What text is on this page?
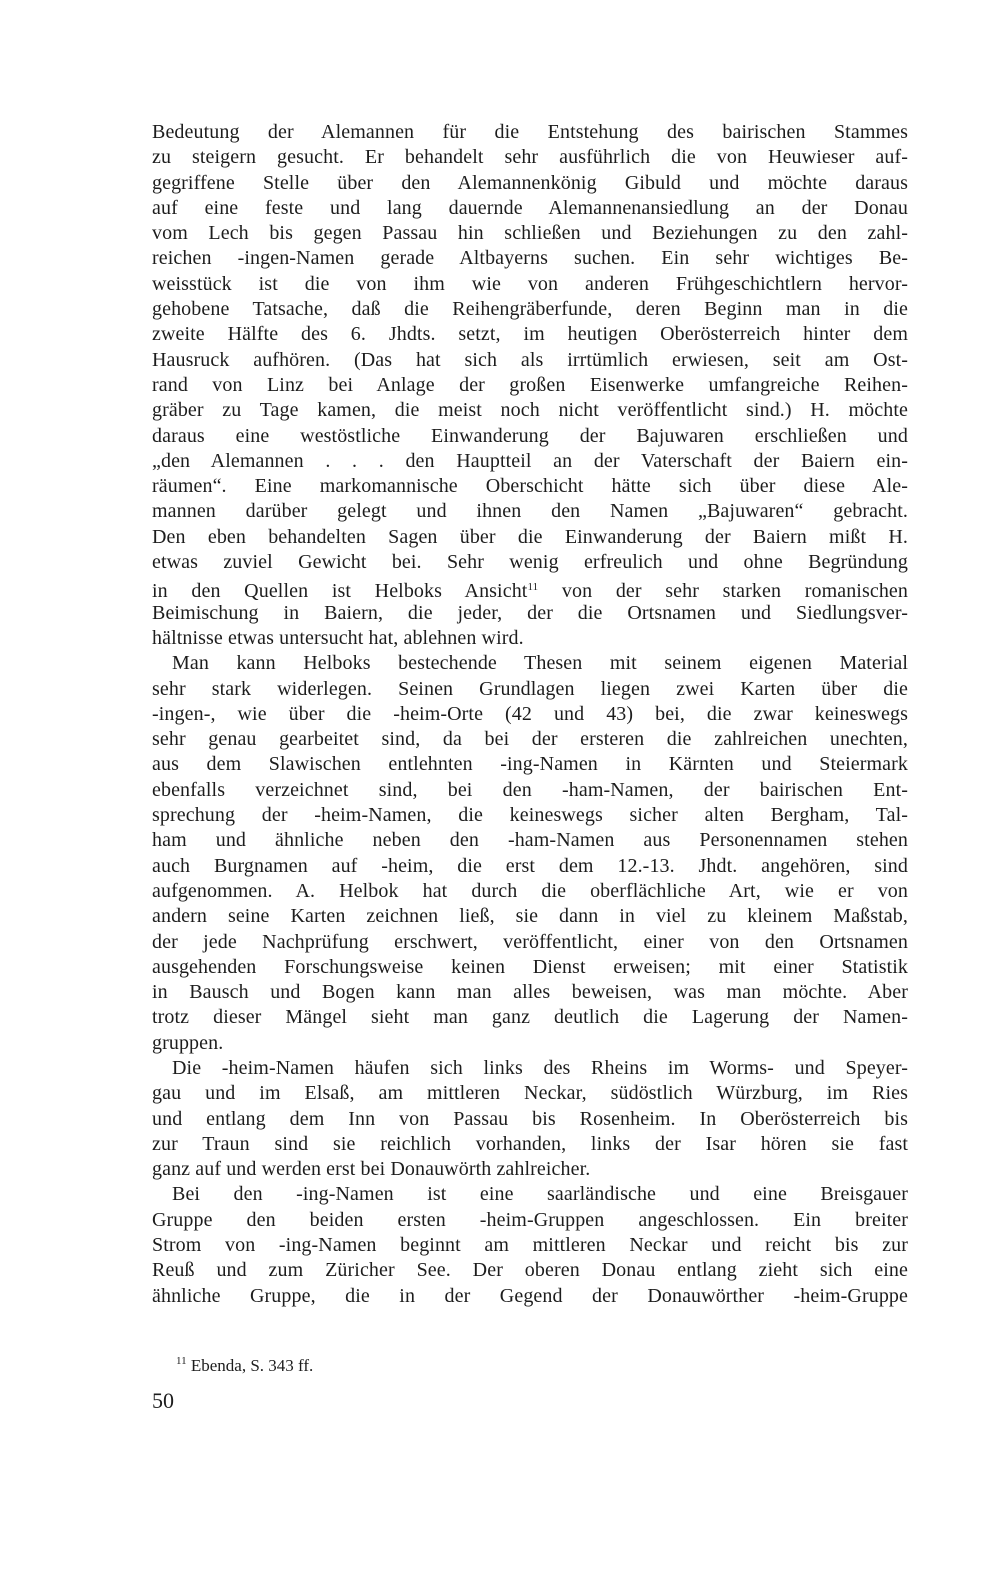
Bedeutung der Alemannen für die Entstehung des bairischen Stammes
zu steigern gesucht. Er behandelt sehr ausführlich die von Heuwieser auf-
gegriffene Stelle über den Alemannenkönig Gibuld und möchte daraus
auf eine feste und lang dauernde Alemannenansiedlung an der Donau
vom Lech bis gegen Passau hin schließen und Beziehungen zu den zahl-
reichen -ingen-Namen gerade Altbayerns suchen. Ein sehr wichtiges Be-
weisstück ist die von ihm wie von anderen Frühgeschichtlern hervor-
gehobene Tatsache, daß die Reihengräberfunde, deren Beginn man in die
zweite Hälfte des 6. Jhdts. setzt, im heutigen Oberösterreich hinter dem
Hausruck aufhören. (Das hat sich als irrtümlich erwiesen, seit am Ost-
rand von Linz bei Anlage der großen Eisenwerke umfangreiche Reihen-
gräber zu Tage kamen, die meist noch nicht veröffentlicht sind.) H. möchte
daraus eine westöstliche Einwanderung der Bajuwaren erschließen und
„den Alemannen . . . den Hauptteil an der Vaterschaft der Baiern ein-
räumen“. Eine markomannische Oberschicht hätte sich über diese Ale-
mannen darüber gelegt und ihnen den Namen „Bajuwaren“ gebracht.
Den eben behandelten Sagen über die Einwanderung der Baiern mißt H.
etwas zuviel Gewicht bei. Sehr wenig erfreulich und ohne Begründung
in den Quellen ist Helboks Ansicht$^{11}$ von der sehr starken romanischen
Beimischung in Baiern, die jeder, der die Ortsnamen und Siedlungsver-
hältnisse etwas untersucht hat, ablehnen wird.
Man kann Helboks bestechende Thesen mit seinem eigenen Material
sehr stark widerlegen. Seinen Grundlagen liegen zwei Karten über die
-ingen-, wie über die -heim-Orte (42 und 43) bei, die zwar keineswegs
sehr genau gearbeitet sind, da bei der ersteren die zahlreichen unechten,
aus dem Slawischen entlehnten -ing-Namen in Kärnten und Steiermark
ebenfalls verzeichnet sind, bei den -ham-Namen, der bairischen Ent-
sprechung der -heim-Namen, die keineswegs sicher alten Bergham, Tal-
ham und ähnliche neben den -ham-Namen aus Personennamen stehen
auch Burgnamen auf -heim, die erst dem 12.-13. Jhdt. angehören, sind
aufgenommen. A. Helbok hat durch die oberflächliche Art, wie er von
andern seine Karten zeichnen ließ, sie dann in viel zu kleinem Maßstab,
der jede Nachprüfung erschwert, veröffentlicht, einer von den Ortsnamen
ausgehenden Forschungsweise keinen Dienst erweisen; mit einer Statistik
in Bausch und Bogen kann man alles beweisen, was man möchte. Aber
trotz dieser Mängel sieht man ganz deutlich die Lagerung der Namen-
gruppen.
Die -heim-Namen häufen sich links des Rheins im Worms- und Speyer-
gau und im Elsaß, am mittleren Neckar, südöstlich Würzburg, im Ries
und entlang dem Inn von Passau bis Rosenheim. In Oberösterreich bis
zur Traun sind sie reichlich vorhanden, links der Isar hören sie fast
ganz auf und werden erst bei Donauwörth zahlreicher.
Bei den -ing-Namen ist eine saarländische und eine Breisgauer
Gruppe den beiden ersten -heim-Gruppen angeschlossen. Ein breiter
Strom von -ing-Namen beginnt am mittleren Neckar und reicht bis zur
Reuß und zum Züricher See. Der oberen Donau entlang zieht sich eine
ähnliche Gruppe, die in der Gegend der Donauwörther -heim-Gruppe
$^{11}$ Ebenda, S. 343 ff.
50
